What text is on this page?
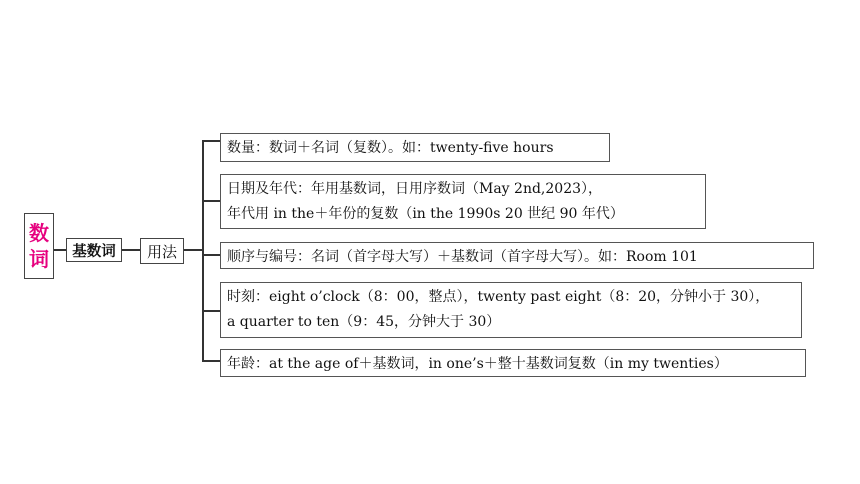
数
词 基数词 用法
数量：数词＋名词（复数）。如：twenty-five hours
日期及年代：年用基数词，日用序数词（May 2nd,2023），
年代用 in the＋年份的复数（in the 1990s 20 世纪 90 年代）
顺序与编号：名词（首字母大写）＋基数词（首字母大写）。如：Room 101
时刻：eight o’clock（8：00，整点），twenty past eight（8：20，分钟小于 30），
a quarter to ten（9：45，分钟大于 30）
年龄：at the age of＋基数词，in one’s＋整十基数词复数（in my twenties）
